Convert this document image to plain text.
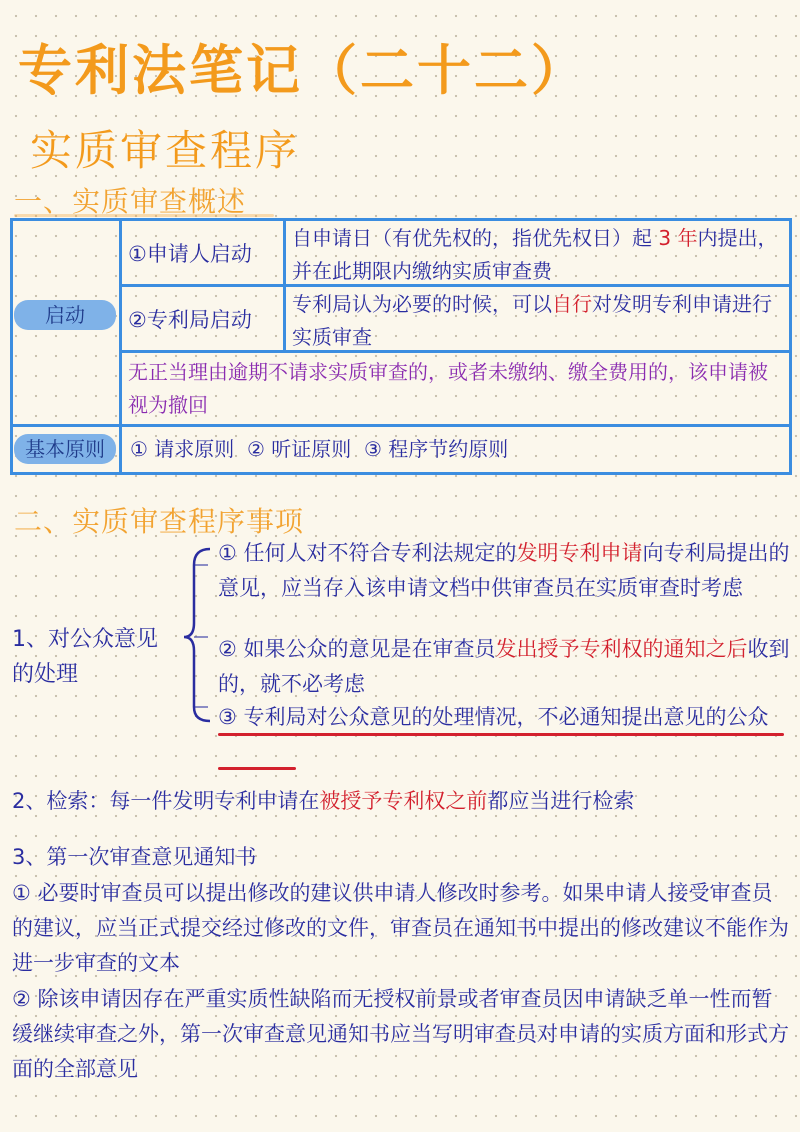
专利法笔记（二十二）
实质审查程序
一、实质审查概述
启动
基本原则
①申请人启动
自申请日（有优先权的，指优先权日）起 3 年内提出，并在此期限内缴纳实质审查费
②专利局启动
专利局认为必要的时候，可以自行对发明专利申请进行实质审查
无正当理由逾期不请求实质审查的，或者未缴纳、缴全费用的，该申请被视为撤回
① 请求原则  ② 听证原则  ③ 程序节约原则
二、实质审查程序事项
1、对公众意见
的处理
① 任何人对不符合专利法规定的发明专利申请向专利局提出的意见，应当存入该申请文档中供审查员在实质审查时考虑
② 如果公众的意见是在审查员发出授予专利权的通知之后收到的，就不必考虑
③ 专利局对公众意见的处理情况，不必通知提出意见的公众
2、检索：每一件发明专利申请在被授予专利权之前都应当进行检索
3、第一次审查意见通知书
① 必要时审查员可以提出修改的建议供申请人修改时参考。如果申请人接受审查员的建议，应当正式提交经过修改的文件，审查员在通知书中提出的修改建议不能作为进一步审查的文本
② 除该申请因存在严重实质性缺陷而无授权前景或者审查员因申请缺乏单一性而暂缓继续审查之外，第一次审查意见通知书应当写明审查员对申请的实质方面和形式方面的全部意见
